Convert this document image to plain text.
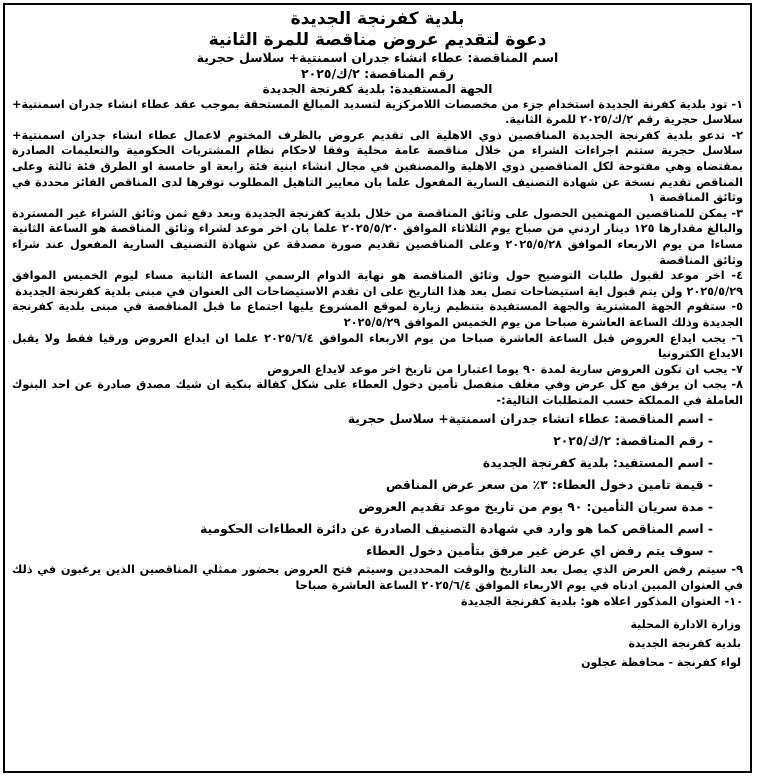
بلدية كفرنجة الجديدة
دعوة لتقديم عروض مناقصة للمرة الثانية
اسم المناقصة: عطاء انشاء جدران اسمنتية+ سلاسل حجرية
رقم المناقصة: ٢/ك/٢٠٢٥
الجهة المستفيدة: بلدية كفرنجة الجديدة
١- تود بلدية كفرنة الجديدة استخدام جزء من مخصصات اللامركزية لتسديد المبالغ المستحقة بموجب عقد عطاء انشاء جدران اسمنتية+ سلاسل حجرية رقم ٢/ك/٢٠٢٥ للمرة الثانية.
٢- تدعو بلدية كفرنجة الجديدة المناقصين ذوي الاهلية الى تقديم عروض بالظرف المختوم لاعمال عطاء انشاء جدران اسمنتية+ سلاسل حجرية ستتم اجراءات الشراء من خلال مناقصة عامة محلية وفقا لاحكام نظام المشتريات الحكومية والتعليمات الصادرة بمقتضاه وهي مفتوحة لكل المناقصين ذوي الاهلية والمصنفين في مجال انشاء ابنية فئة رابعة او خامسة او الطرق فئة ثالثة وعلى المناقص تقديم نسخة عن شهادة التصنيف السارية المفعول علما بان معايير التاهيل المطلوب توفرها لدى المناقص الفائز محددة في وثائق المناقصة ١
٣- يمكن للمناقصين المهتمين الحصول على وثائق المناقصة من خلال بلدية كفرنجة الجديدة وبعد دفع ثمن وثائق الشراء غير المستردة والبالغ مقدارها ١٢٥ دينار اردني من صباح يوم الثلاثاء الموافق ٢٠٢٥/٥/٢٠ علما بان اخر موعد لشراء وثائق المناقصة هو الساعة الثانية مساءا من يوم الاربعاء الموافق ٢٠٢٥/٥/٢٨ وعلى المناقصين تقديم صورة مصدقة عن شهادة التصنيف السارية المفعول عند شراء وثائق المناقصة
٤- اخر موعد لقبول طلبات التوضيح حول وثائق المناقصة هو نهاية الدوام الرسمي الساعة الثانية مساء ليوم الخميس الموافق ٢٠٢٥/٥/٢٩ ولن يتم قبول اية استيضاحات تصل بعد هذا التاريخ على ان تقدم الاستيضاحات الى العنوان في مبنى بلدية كفرنجة الجديدة
٥- ستقوم الجهة المشترية والجهة المستفيدة بتنظيم زيارة لموقع المشروع يليها اجتماع ما قبل المناقصة في مبنى بلدية كفرنجة الجديدة وذلك الساعة العاشرة صباحا من يوم الخميس الموافق ٢٠٢٥/٥/٢٩
٦- يجب ايداع العروض قبل الساعة العاشرة صباحا من يوم الاربعاء الموافق ٢٠٢٥/٦/٤ علما ان ايداع العروض ورقيا فقط ولا يقبل الايداع الكترونيا
٧- يجب ان تكون العروض سارية لمدة ٩٠ يوما اعتبارا من تاريخ اخر موعد لايداع العروض
٨- يجب ان يرفق مع كل عرض وفي مغلف منفصل تأمين دخول العطاء على شكل كفالة بنكية ان شيك مصدق صادرة عن احد البنوك العاملة في المملكة حسب المتطلبات التالية:-
- اسم المناقصة: عطاء انشاء جدران اسمنتية+ سلاسل حجرية
- رقم المناقصة: ٢/ك/٢٠٢٥
- اسم المستفيد: بلدية كفرنجة الجديدة
- قيمة تامين دخول العطاء: ٣٪ من سعر عرض المناقص
- مدة سريان التأمين: ٩٠ يوم من تاريخ موعد تقديم العروض
- اسم المناقص كما هو وارد في شهادة التصنيف الصادرة عن دائرة العطاءات الحكومية
- سوف يتم رفض اي عرض غير مرفق بتأمين دخول العطاء
٩- سيتم رفض العرض الذي يصل بعد التاريخ والوقت المحددين وسيتم فتح العروض بحضور ممثلي المناقصين الذين يرغبون في ذلك في العنوان المبين ادناه في يوم الاربعاء الموافق ٢٠٢٥/٦/٤ الساعة العاشرة صباحا
١٠- العنوان المذكور اعلاه هو: بلدية كفرنجة الجديدة
وزارة الادارة المحلية
بلدية كفرنجة الجديدة
لواء كفرنجة - محافظة عجلون
